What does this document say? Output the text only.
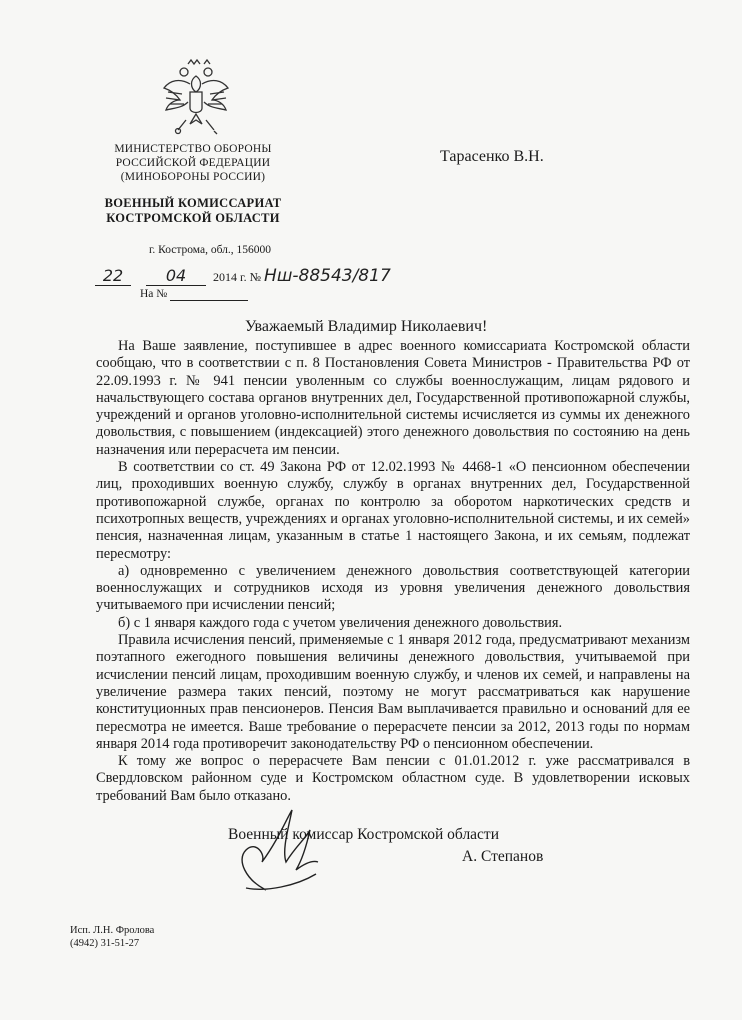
МИНИСТЕРСТВО ОБОРОНЫ
РОССИЙСКОЙ ФЕДЕРАЦИИ
(МИНОБОРОНЫ РОССИИ)
ВОЕННЫЙ КОМИССАРИАТ
КОСТРОМСКОЙ ОБЛАСТИ
г. Кострома, обл., 156000
22	04 2014 г. № Нш-88543/817
На №
Тарасенко В.Н.
Уважаемый Владимир Николаевич!

На Ваше заявление, поступившее в адрес военного комиссариата Костромской области сообщаю, что в соответствии с п. 8 Постановления Совета Министров - Правительства РФ от 22.09.1993 г. № 941 пенсии уволенным со службы военнослужащим, лицам рядового и начальствующего состава органов внутренних дел, Государственной противопожарной службы, учреждений и органов уголовно-исполнительной системы исчисляется из суммы их денежного довольствия, с повышением (индексацией) этого денежного довольствия по состоянию на день назначения или перерасчета им пенсии.

В соответствии со ст. 49 Закона РФ от 12.02.1993 № 4468-1 «О пенсионном обеспечении лиц, проходивших военную службу, службу в органах внутренних дел, Государственной противопожарной службе, органах по контролю за оборотом наркотических средств и психотропных веществ, учреждениях и органах уголовно-исполнительной системы, и их семей» пенсия, назначенная лицам, указанным в статье 1 настоящего Закона, и их семьям, подлежат пересмотру:

а) одновременно с увеличением денежного довольствия соответствующей категории военнослужащих и сотрудников исходя из уровня увеличения денежного довольствия учитываемого при исчислении пенсий;

б) с 1 января каждого года с учетом увеличения денежного довольствия.

Правила исчисления пенсий, применяемые с 1 января 2012 года, предусматривают механизм поэтапного ежегодного повышения величины денежного довольствия, учитываемой при исчислении пенсий лицам, проходившим военную службу, и членов их семей, и направлены на увеличение размера таких пенсий, поэтому не могут рассматриваться как нарушение конституционных прав пенсионеров. Пенсия Вам выплачивается правильно и оснований для ее пересмотра не имеется. Ваше требование о перерасчете пенсии за 2012, 2013 годы по нормам января 2014 года противоречит законодательству РФ о пенсионном обеспечении.

К тому же вопрос о перерасчете Вам пенсии с 01.01.2012 г. уже рассматривался в Свердловском районном суде и Костромском областном суде. В удовлетворении исковых требований Вам было отказано.

Военный комиссар Костромской области
А. Степанов
Исп. Л.Н. Фролова
(4942) 31-51-27
